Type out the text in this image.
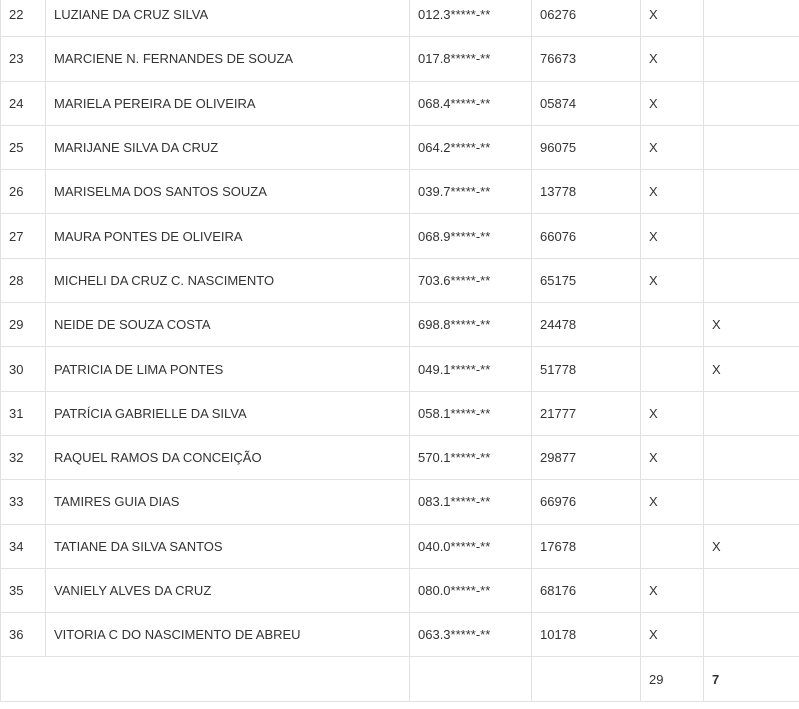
22	LUZIANE DA CRUZ SILVA	012.3*****-**	06276	X	
23	MARCIENE N. FERNANDES DE SOUZA	017.8*****-**	76673	X	
24	MARIELA PEREIRA DE OLIVEIRA	068.4*****-**	05874	X	
25	MARIJANE SILVA DA CRUZ	064.2*****-**	96075	X	
26	MARISELMA DOS SANTOS SOUZA	039.7*****-**	13778	X	
27	MAURA PONTES DE OLIVEIRA	068.9*****-**	66076	X	
28	MICHELI DA CRUZ C. NASCIMENTO	703.6*****-**	65175	X	
29	NEIDE DE SOUZA COSTA	698.8*****-**	24478		X
30	PATRICIA DE LIMA PONTES	049.1*****-**	51778		X
31	PATRÍCIA GABRIELLE DA SILVA	058.1*****-**	21777	X	
32	RAQUEL RAMOS DA CONCEIÇÃO	570.1*****-**	29877	X	
33	TAMIRES GUIA DIAS	083.1*****-**	66976	X	
34	TATIANE DA SILVA SANTOS	040.0*****-**	17678		X
35	VANIELY ALVES DA CRUZ	080.0*****-**	68176	X	
36	VITORIA C DO NASCIMENTO DE ABREU	063.3*****-**	10178	X	
				29	7
